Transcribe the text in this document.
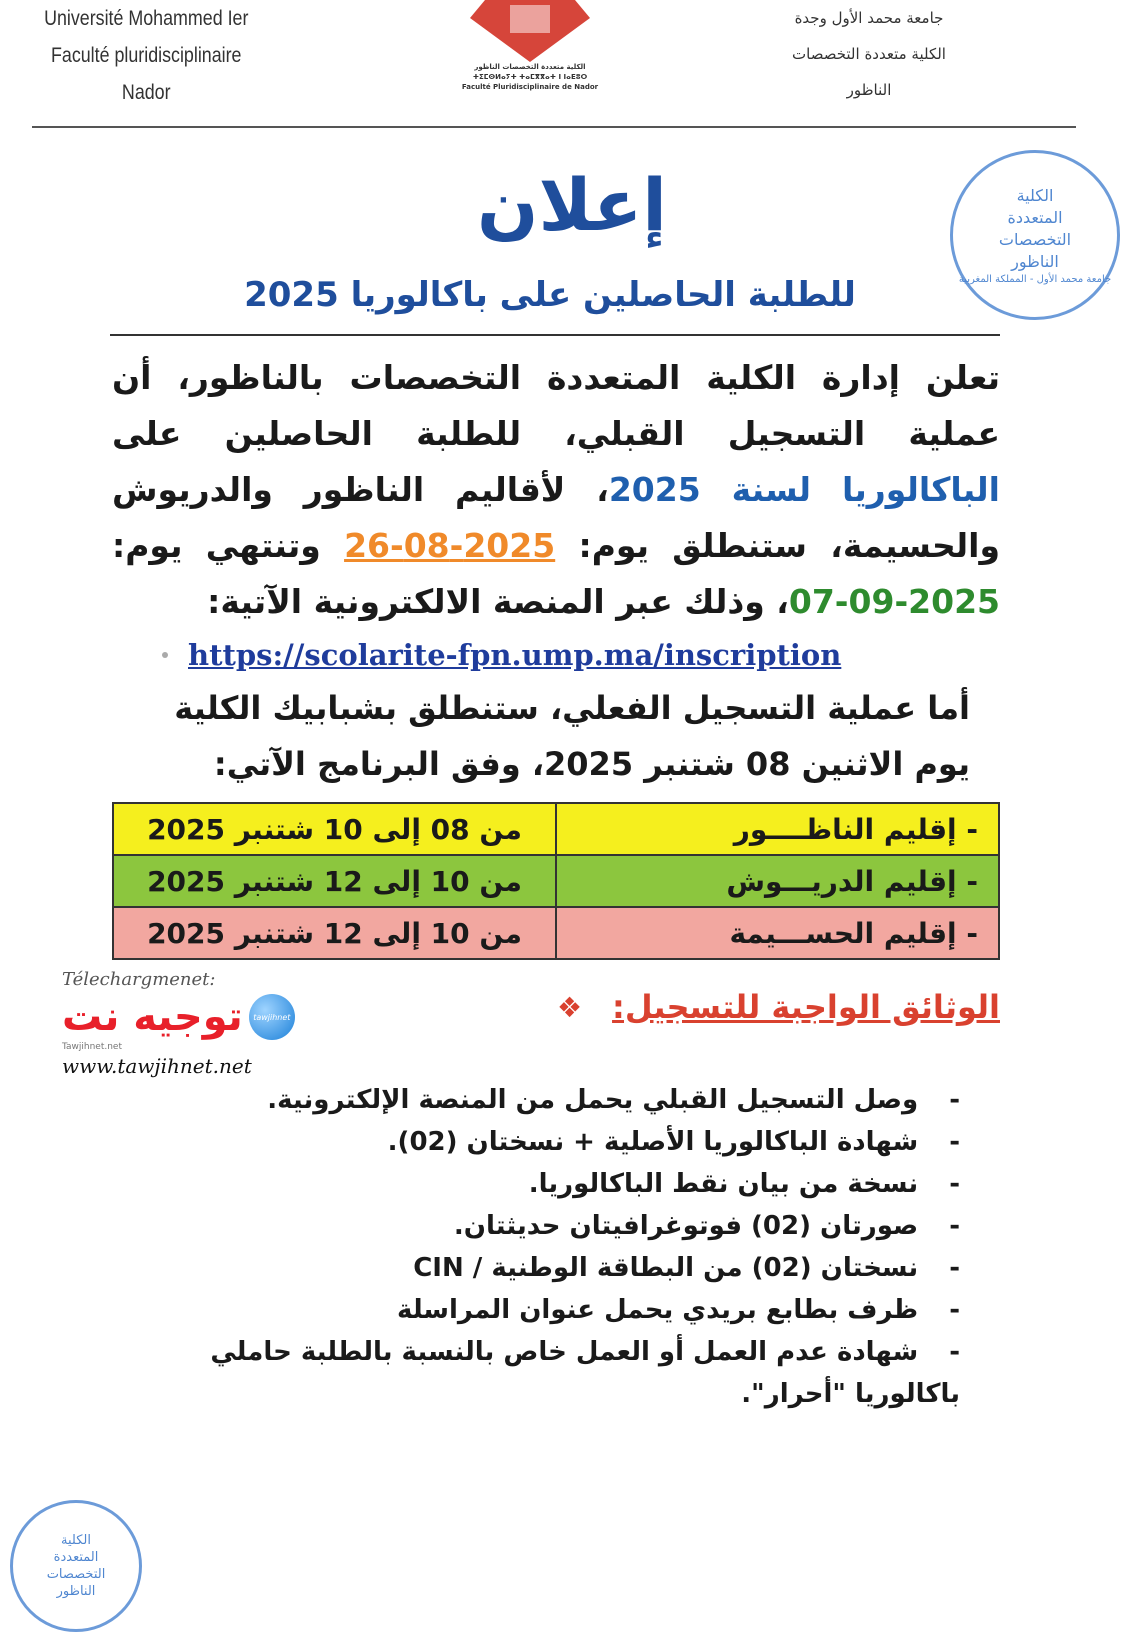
Université Mohammed Ier
Faculté pluridisciplinaire
Nador
الكلية متعددة التخصصات الناظور
ⵜⵉⵎⵙⵍⴰⵢⵜ ⵜⴰⵎⴳⴳⴰⵜ ⵏ ⵏⴰⴹⵓⵔ
Faculté Pluridisciplinaire de Nador
جامعة محمد الأول وجدة
الكلية متعددة التخصصات
الناظور
إعلان
للطلبة الحاصلين على باكالوريا 2025
الكلية
المتعددة
التخصصات
الناظور
جامعة محمد الأول - المملكة المغربية
تعلن إدارة الكلية المتعددة التخصصات بالناظور، أن عملية التسجيل القبلي، للطلبة الحاصلين على الباكالوريا لسنة 2025، لأقاليم الناظور والدريوش والحسيمة، ستنطلق يوم: 2025-08-26 وتنتهي يوم: 2025-09-07، وذلك عبر المنصة الالكترونية الآتية:
https://scolarite-fpn.ump.ma/inscription
أما عملية التسجيل الفعلي، ستنطلق بشبابيك الكلية يوم الاثنين 08 شتنبر 2025، وفق البرنامج الآتي:
- إقليم الناظــــور	من 08 إلى 10 شتنبر 2025
- إقليم الدريـــوش	من 10 إلى 12 شتنبر 2025
- إقليم الحســـيمة	من 10 إلى 12 شتنبر 2025
Télechargmenet:
توجيه نت	tawjihnet
Tawjihnet.net
www.tawjihnet.net
الوثائق الواجبة للتسجيل:
❖
- وصل التسجيل القبلي يحمل من المنصة الإلكترونية.
- شهادة الباكالوريا الأصلية + نسختان (02).
- نسخة من بيان نقط الباكالوريا.
- صورتان (02) فوتوغرافيتان حديثتان.
- نسختان (02) من البطاقة الوطنية / CIN
- ظرف بطابع بريدي يحمل عنوان المراسلة
- شهادة عدم العمل أو العمل خاص بالنسبة بالطلبة حاملي باكالوريا "أحرار".
الكلية
المتعددة
التخصصات
الناظور
